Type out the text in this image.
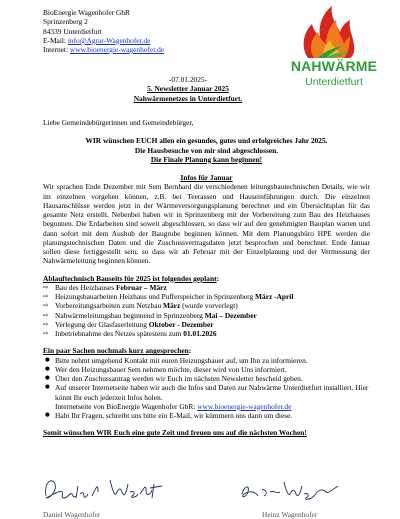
BioEnergie Wagenhofer GbR
Sprinzenberg 2
84339 Unterdietfurt
E-Mail: info@Agrar-Wagenhofer.de
Internet: www.bioenergie-wagenhofer.de
NAHWÄRME
Unterdietfurt
-07.01.2025-
5. Newsletter Januar 2025
Nahwärmenetzes in Unterdietfurt.
Liebe Gemeindebürgerinnen und Gemeindebürger,
WIR wünschen EUCH allen ein gesundes, gutes und erfolgreiches Jahr 2025.
Die Hausbesuche von mir sind abgeschlossen.
Die Finale Planung kann beginnen!
Infos für Januar
Wir sprachen Ende Dezember mit Sem Bernhard die verschiedenen leitungsbautechnischen Details, wie wir im einzelnen vorgehen können, z.B. bei Teerassen und Hauseinführungen durch. Die einzelnen Hausanschlüsse werden jetzt in der Wärmeversorgungsplanung berechnet und ein Übersichtsplan für das gesamte Netz erstellt. Nebenbei haben wir in Sprinzenberg mit der Vorbereitung zum Bau des Heizhauses begonnen. Die Erdarbeiten sind soweit abgeschlossen, so dass wir auf den genehmigten Bauplan warten und dann sofort mit dem Aushub der Baugrube beginnen können. Mit dem Planungsbüro HPE werden die planungstechnischen Daten und die Zuschussvertragsdaten jetzt besprochen und berechnet. Ende Januar sollen diese fertiggestellt sein, so dass wir ab Februar mit der Einzelplanung und der Vermessung der Nahwärmeleitung beginnen können.
Ablauftechnisch Bauseits für 2025 ist folgendes geplant:
⇨ Bau des Heizhauses Februar – März
⇨ Heizungsbauarbeiten Heizhaus und Pufferspeicher in Sprinzenberg März -April
⇨ Vorbereitungsarbeiten zum Netzbau März (wurde vorverlegt)
⇨ Nahwärmeleitungsbau beginnend in Sprinzenberg Mai – Dezember
⇨ Verlegung der Glasfaserleitung Oktober - Dezember
⇨ Inbetriebnahme des Netzes spätestens zum 01.01.2026
Ein paar Sachen nochmals kurz angesprochen:
● Bitte nehmt umgehend Kontakt mit euren Heizungsbauer auf, um Ihn zu informieren.
● Wer den Heizungsbauer Sem nehmen möchte, dieser wird von Uns informiert.
● Über den Zuschussantrag werden wir Euch im nächsten Newsletter bescheid geben.
● Auf unserer Internetseite haben wir auch die Infos und Daten zur Nahwärme Unterdietfurt installiert. Hier könnt Ihr euch jederzeit Infos holen.
Internetseite von BioEnergie Wagenhofer GbR: www.bioenergie-wagenhofer.de
● Habt Ihr Fragen, schreibt uns bitte ein E-Mail, wir kümmern uns dann um diese.
Somit wünschen WIR Euch eine gute Zeit und freuen uns auf die nächsten Wochen!
Daniel Wagenhofer	Heinz Wagenhofer
